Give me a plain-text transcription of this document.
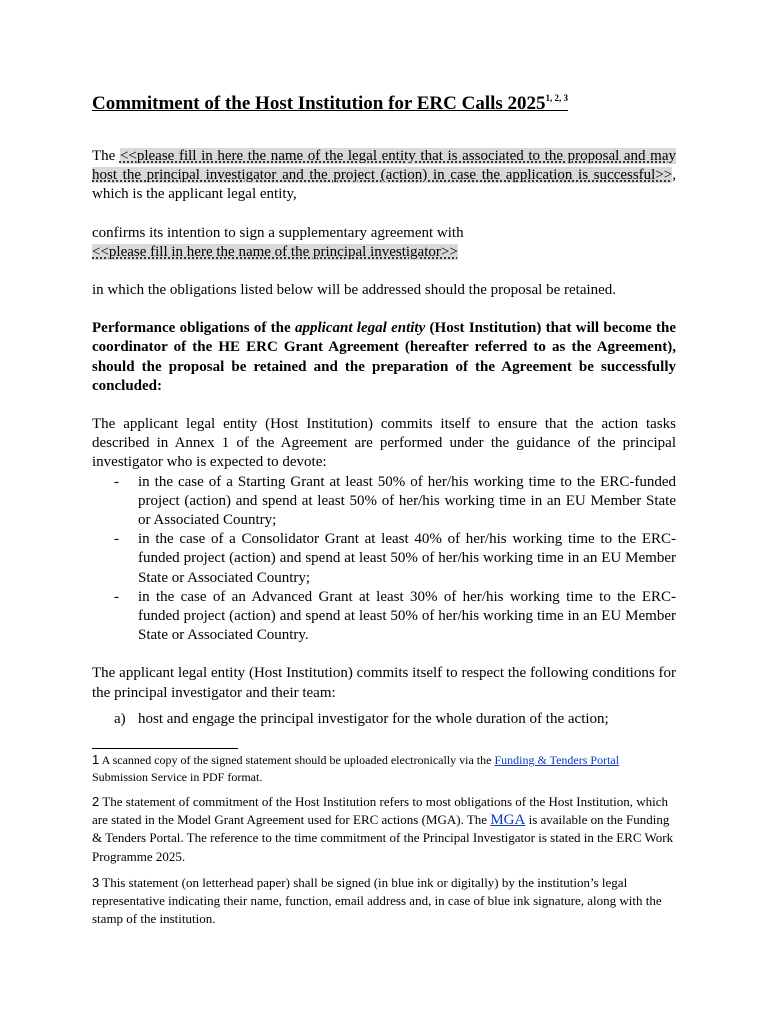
Commitment of the Host Institution for ERC Calls 2025$^{1, 2, 3}$

The <<please fill in here the name of the legal entity that is associated to the proposal and may host the principal investigator and the project (action) in case the application is successful>>, which is the applicant legal entity,

confirms its intention to sign a supplementary agreement with

<<please fill in here the name of the principal investigator>>

in which the obligations listed below will be addressed should the proposal be retained.

Performance obligations of the applicant legal entity (Host Institution) that will become the coordinator of the HE ERC Grant Agreement (hereafter referred to as the Agreement), should the proposal be retained and the preparation of the Agreement be successfully concluded:

The applicant legal entity (Host Institution) commits itself to ensure that the action tasks described in Annex 1 of the Agreement are performed under the guidance of the principal investigator who is expected to devote:

- in the case of a Starting Grant at least 50% of her/his working time to the ERC-funded project (action) and spend at least 50% of her/his working time in an EU Member State or Associated Country;
- in the case of a Consolidator Grant at least 40% of her/his working time to the ERC-funded project (action) and spend at least 50% of her/his working time in an EU Member State or Associated Country;
- in the case of an Advanced Grant at least 30% of her/his working time to the ERC-funded project (action) and spend at least 50% of her/his working time in an EU Member State or Associated Country.

The applicant legal entity (Host Institution) commits itself to respect the following conditions for the principal investigator and their team:

a) host and engage the principal investigator for the whole duration of the action;

1 A scanned copy of the signed statement should be uploaded electronically via the Funding & Tenders Portal Submission Service in PDF format.

2 The statement of commitment of the Host Institution refers to most obligations of the Host Institution, which are stated in the Model Grant Agreement used for ERC actions (MGA). The MGA is available on the Funding & Tenders Portal. The reference to the time commitment of the Principal Investigator is stated in the ERC Work Programme 2025.

3 This statement (on letterhead paper) shall be signed (in blue ink or digitally) by the institution’s legal representative indicating their name, function, email address and, in case of blue ink signature, along with the stamp of the institution.
